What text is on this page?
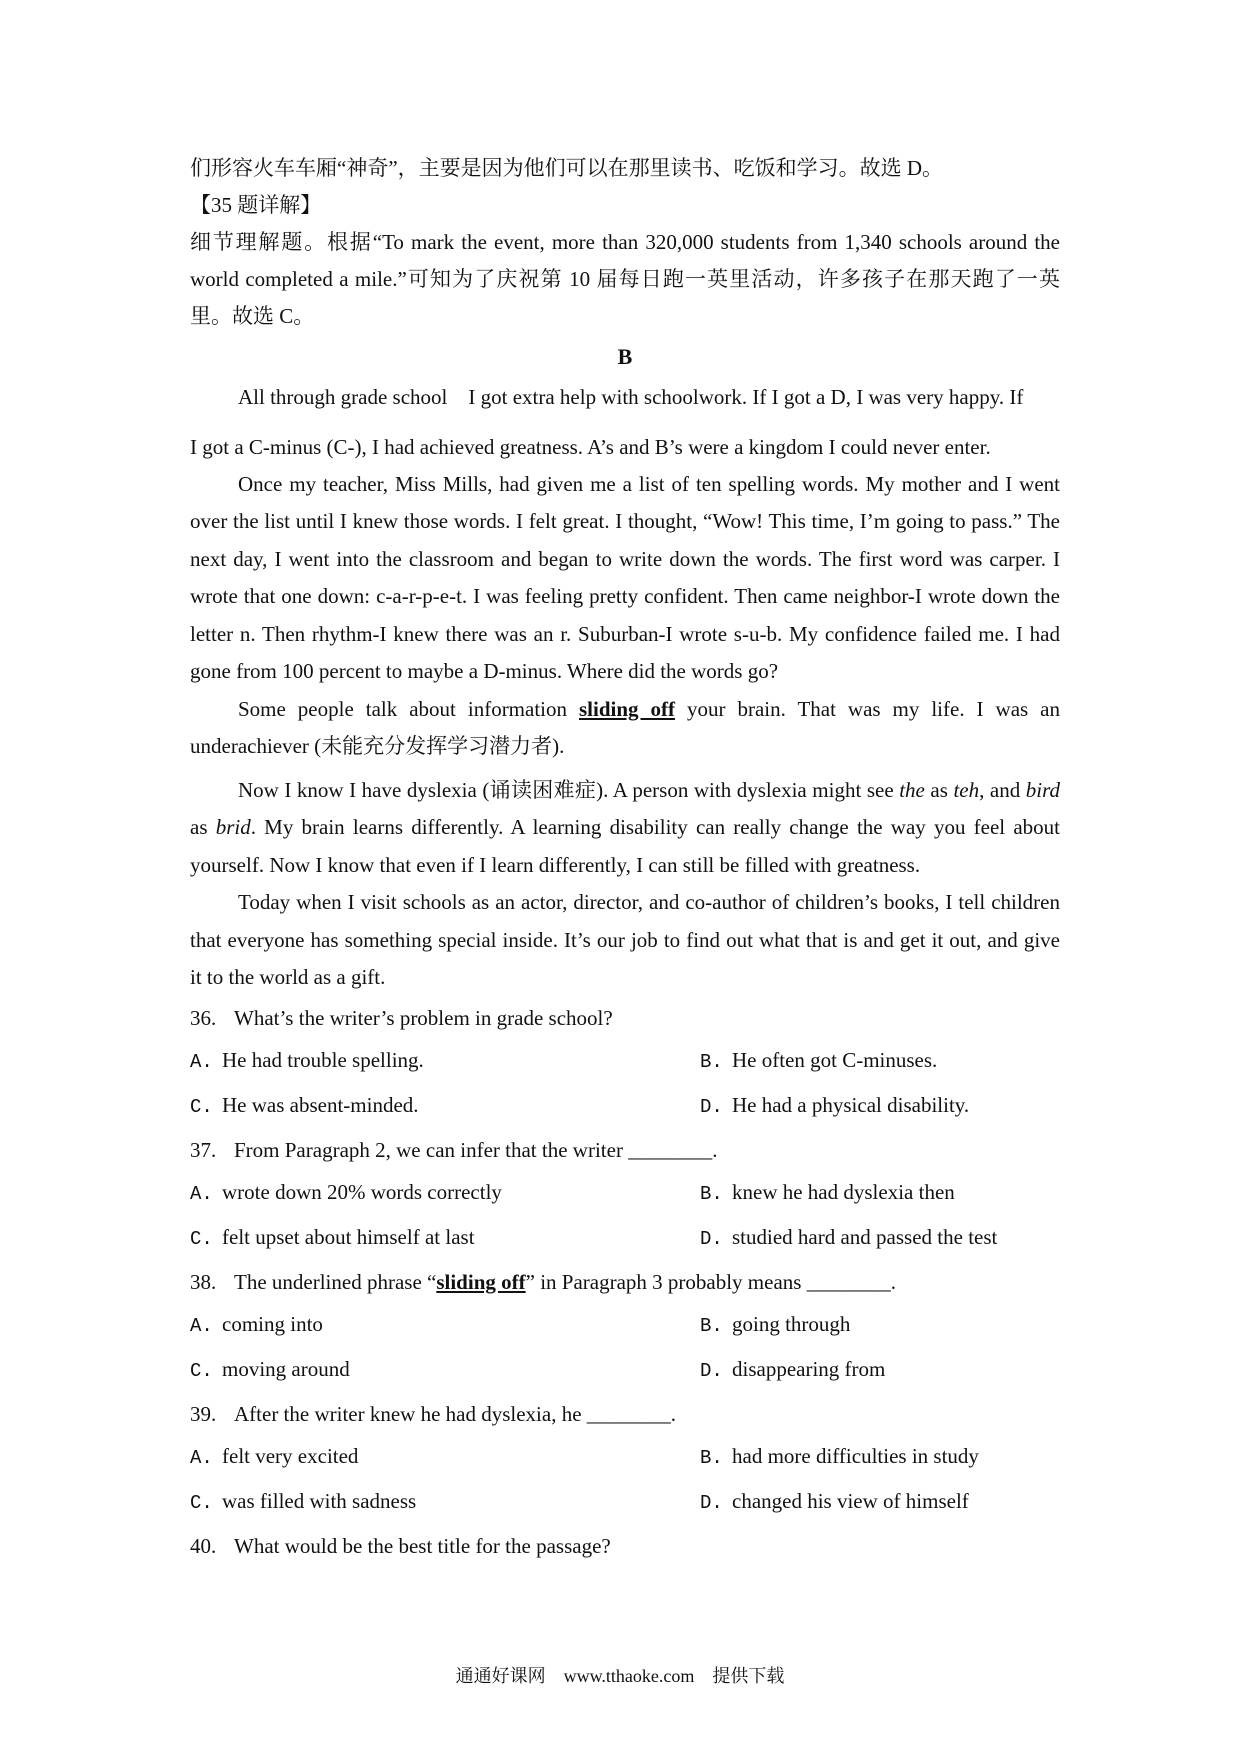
们形容火车车厢“神奇”，主要是因为他们可以在那里读书、吃饭和学习。故选 D。

【35 题详解】

细节理解题。根据“To mark the event, more than 320,000 students from 1,340 schools around the world completed a mile.”可知为了庆祝第 10 届每日跑一英里活动，许多孩子在那天跑了一英里。故选 C。

B

All through grade school　I got extra help with schoolwork. If I got a D, I was very happy. If

I got a C-minus (C-), I had achieved greatness. A’s and B’s were a kingdom I could never enter.

Once my teacher, Miss Mills, had given me a list of ten spelling words. My mother and I went over the list until I knew those words. I felt great. I thought, “Wow! This time, I’m going to pass.” The next day, I went into the classroom and began to write down the words. The first word was carper. I wrote that one down: c-a-r-p-e-t. I was feeling pretty confident. Then came neighbor-I wrote down the letter n. Then rhythm-I knew there was an r. Suburban-I wrote s-u-b. My confidence failed me. I had gone from 100 percent to maybe a D-minus. Where did the words go?

Some people talk about information sliding off your brain. That was my life. I was an underachiever (未能充分发挥学习潜力者).

Now I know I have dyslexia (诵读困难症). A person with dyslexia might see the as teh, and bird as brid. My brain learns differently. A learning disability can really change the way you feel about yourself. Now I know that even if I learn differently, I can still be filled with greatness.

Today when I visit schools as an actor, director, and co-author of children’s books, I tell children that everyone has something special inside. It’s our job to find out what that is and get it out, and give it to the world as a gift.

36. What’s the writer’s problem in grade school?
A. He had trouble spelling.	B. He often got C-minuses.
C. He was absent-minded.	D. He had a physical disability.
37. From Paragraph 2, we can infer that the writer ________.
A. wrote down 20% words correctly	B. knew he had dyslexia then
C. felt upset about himself at last	D. studied hard and passed the test
38. The underlined phrase “sliding off” in Paragraph 3 probably means ________.
A. coming into	B. going through
C. moving around	D. disappearing from
39. After the writer knew he had dyslexia, he ________.
A. felt very excited	B. had more difficulties in study
C. was filled with sadness	D. changed his view of himself
40. What would be the best title for the passage?
通通好课网　www.tthaoke.com　提供下载
